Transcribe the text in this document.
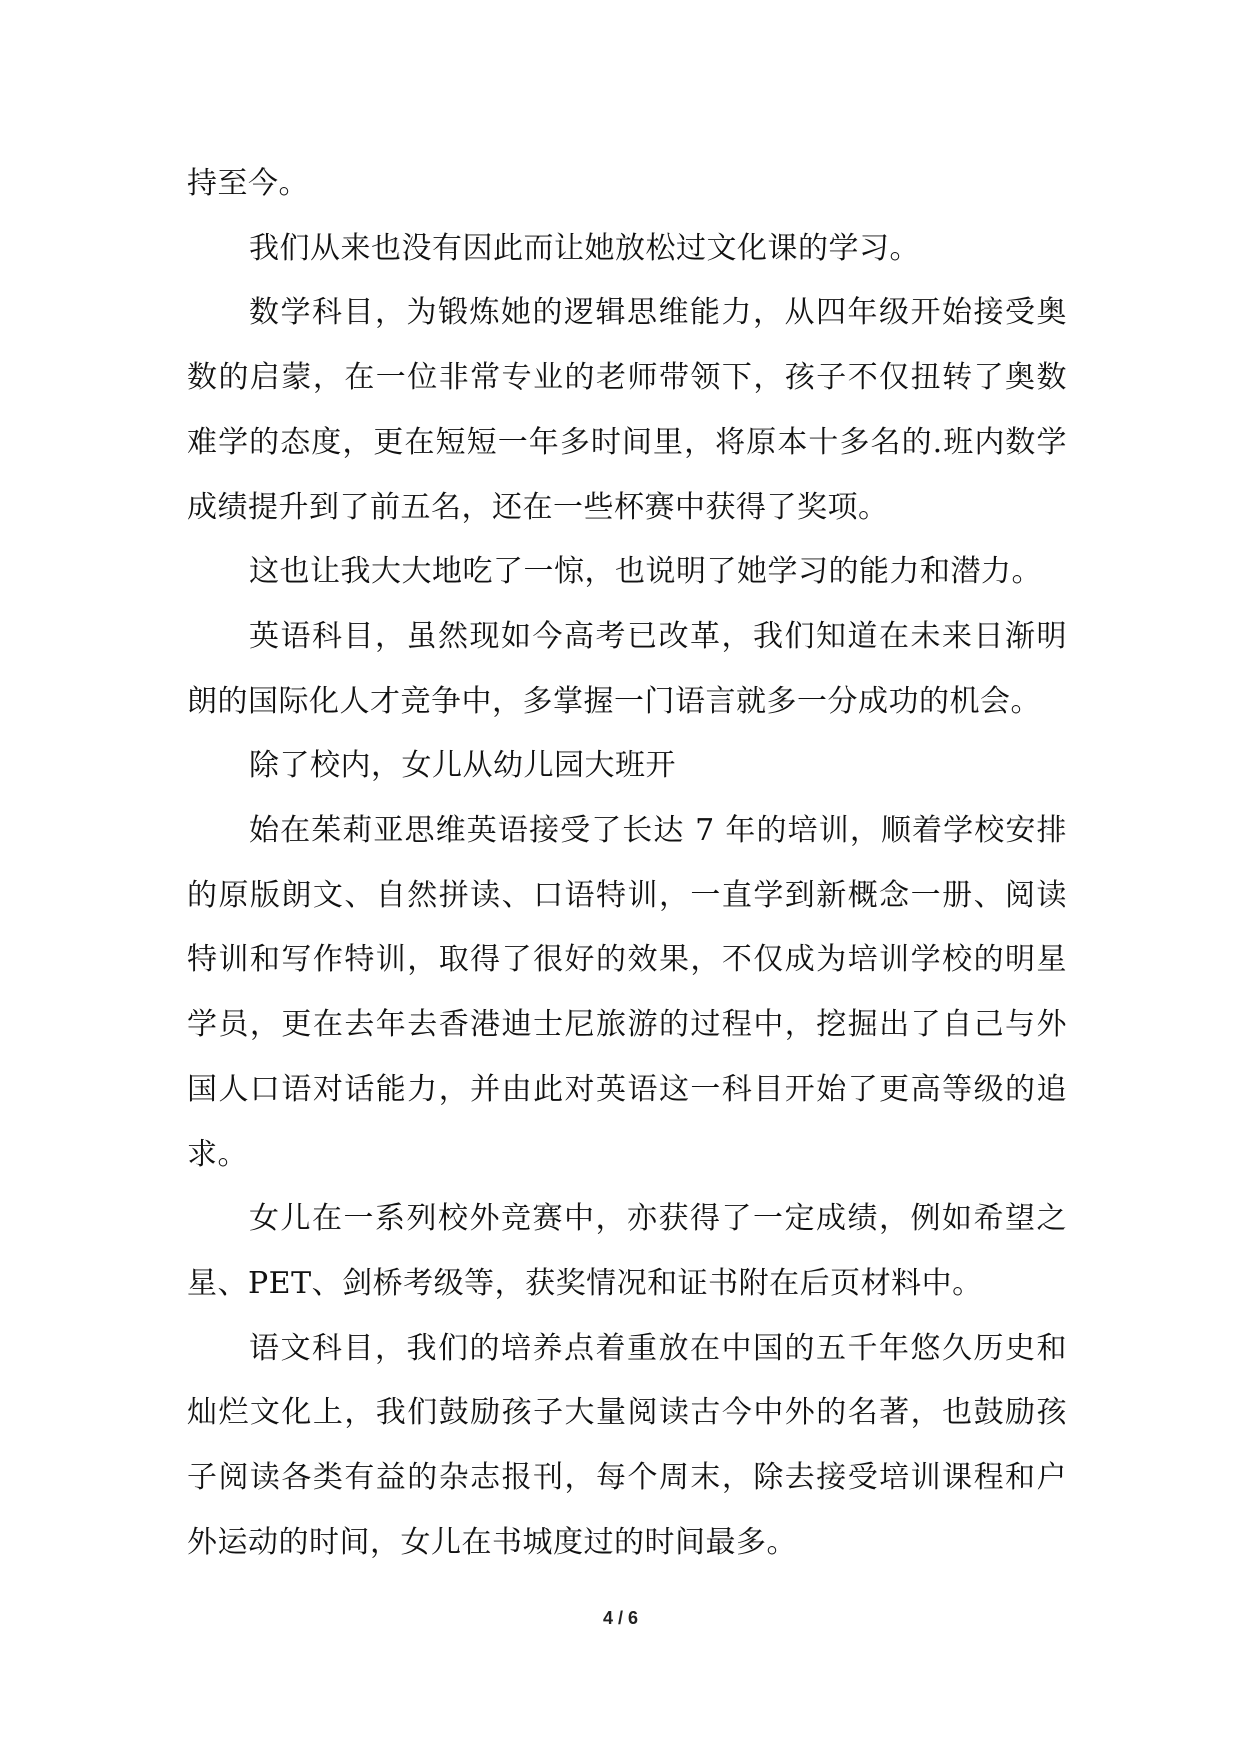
持至今。

我们从来也没有因此而让她放松过文化课的学习。

数学科目，为锻炼她的逻辑思维能力，从四年级开始接受奥数的启蒙，在一位非常专业的老师带领下，孩子不仅扭转了奥数难学的态度，更在短短一年多时间里，将原本十多名的.班内数学成绩提升到了前五名，还在一些杯赛中获得了奖项。

这也让我大大地吃了一惊，也说明了她学习的能力和潜力。

英语科目，虽然现如今高考已改革，我们知道在未来日渐明朗的国际化人才竞争中，多掌握一门语言就多一分成功的机会。

除了校内，女儿从幼儿园大班开

始在茱莉亚思维英语接受了长达 7 年的培训，顺着学校安排的原版朗文、自然拼读、口语特训，一直学到新概念一册、阅读特训和写作特训，取得了很好的效果，不仅成为培训学校的明星学员，更在去年去香港迪士尼旅游的过程中，挖掘出了自己与外国人口语对话能力，并由此对英语这一科目开始了更高等级的追求。

女儿在一系列校外竞赛中，亦获得了一定成绩，例如希望之星、PET、剑桥考级等，获奖情况和证书附在后页材料中。

语文科目，我们的培养点着重放在中国的五千年悠久历史和灿烂文化上，我们鼓励孩子大量阅读古今中外的名著，也鼓励孩子阅读各类有益的杂志报刊，每个周末，除去接受培训课程和户外运动的时间，女儿在书城度过的时间最多。

4 / 6
